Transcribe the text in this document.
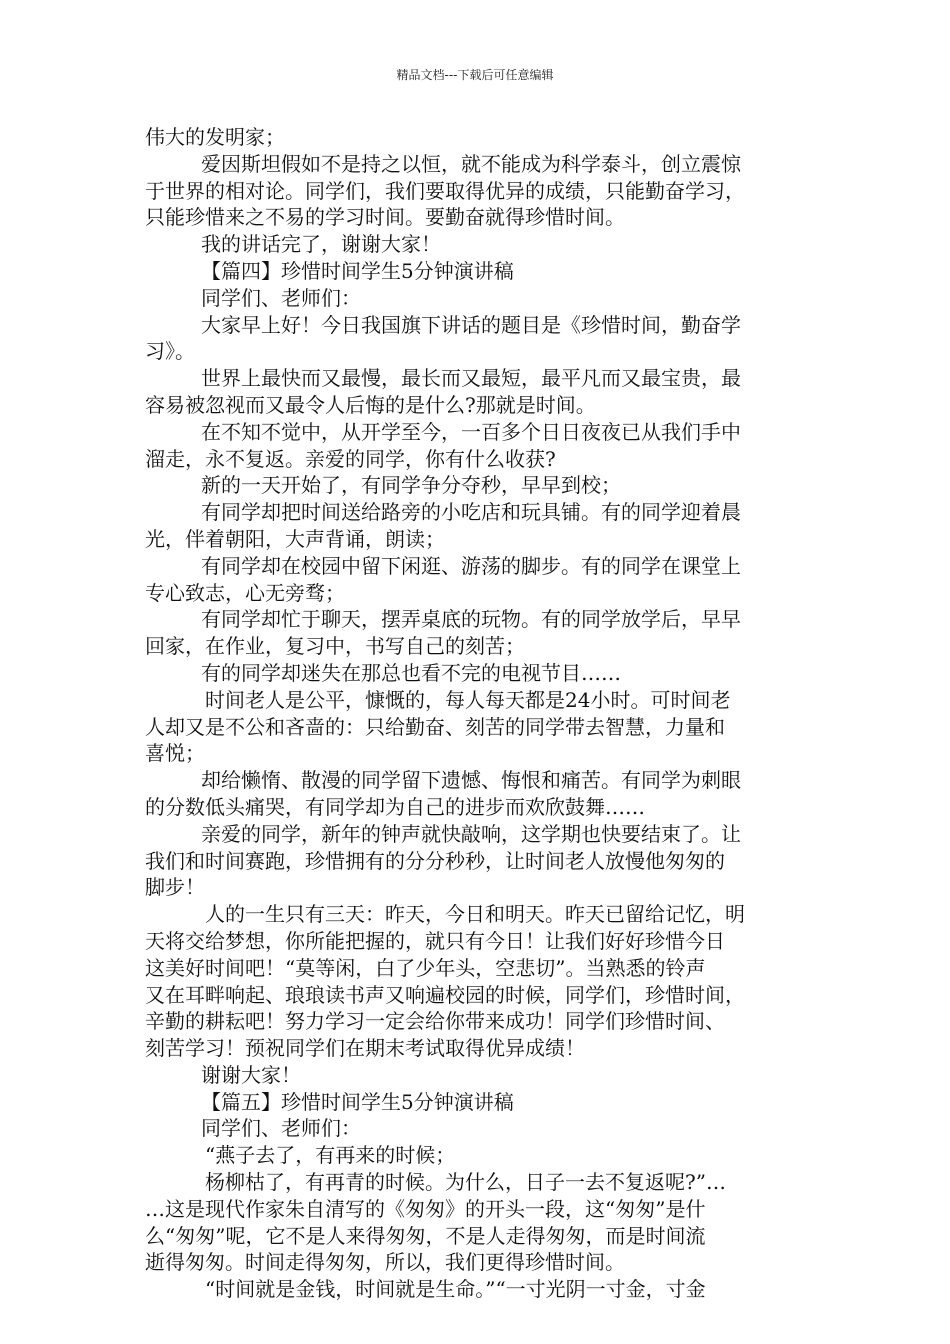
精品文档---下载后可任意编辑
伟大的发明家；
爱因斯坦假如不是持之以恒，就不能成为科学泰斗，创立震惊
于世界的相对论。同学们，我们要取得优异的成绩，只能勤奋学习，
只能珍惜来之不易的学习时间。要勤奋就得珍惜时间。
我的讲话完了，谢谢大家！
【篇四】珍惜时间学生5分钟演讲稿
同学们、老师们：
大家早上好！今日我国旗下讲话的题目是《珍惜时间，勤奋学
习》。
世界上最快而又最慢，最长而又最短，最平凡而又最宝贵，最
容易被忽视而又最令人后悔的是什么?那就是时间。
在不知不觉中，从开学至今，一百多个日日夜夜已从我们手中
溜走，永不复返。亲爱的同学，你有什么收获?
新的一天开始了，有同学争分夺秒，早早到校；
有同学却把时间送给路旁的小吃店和玩具铺。有的同学迎着晨
光，伴着朝阳，大声背诵，朗读；
有同学却在校园中留下闲逛、游荡的脚步。有的同学在课堂上
专心致志，心无旁骛；
有同学却忙于聊天，摆弄桌底的玩物。有的同学放学后，早早
回家，在作业，复习中，书写自己的刻苦；
有的同学却迷失在那总也看不完的电视节目……
时间老人是公平，慷慨的，每人每天都是24小时。可时间老
人却又是不公和吝啬的：只给勤奋、刻苦的同学带去智慧，力量和
喜悦；
却给懒惰、散漫的同学留下遗憾、悔恨和痛苦。有同学为刺眼
的分数低头痛哭，有同学却为自己的进步而欢欣鼓舞……
亲爱的同学，新年的钟声就快敲响，这学期也快要结束了。让
我们和时间赛跑，珍惜拥有的分分秒秒，让时间老人放慢他匆匆的
脚步！
人的一生只有三天：昨天，今日和明天。昨天已留给记忆，明
天将交给梦想，你所能把握的，就只有今日！让我们好好珍惜今日
这美好时间吧！“莫等闲，白了少年头，空悲切”。当熟悉的铃声
又在耳畔响起、琅琅读书声又响遍校园的时候，同学们，珍惜时间，
辛勤的耕耘吧！努力学习一定会给你带来成功！同学们珍惜时间、
刻苦学习！预祝同学们在期末考试取得优异成绩！
谢谢大家！
【篇五】珍惜时间学生5分钟演讲稿
同学们、老师们：
“燕子去了，有再来的时候；
杨柳枯了，有再青的时候。为什么，日子一去不复返呢?”…
…这是现代作家朱自清写的《匆匆》的开头一段，这“匆匆”是什
么“匆匆”呢，它不是人来得匆匆，不是人走得匆匆，而是时间流
逝得匆匆。时间走得匆匆，所以，我们更得珍惜时间。
“时间就是金钱，时间就是生命。”“一寸光阴一寸金，寸金
